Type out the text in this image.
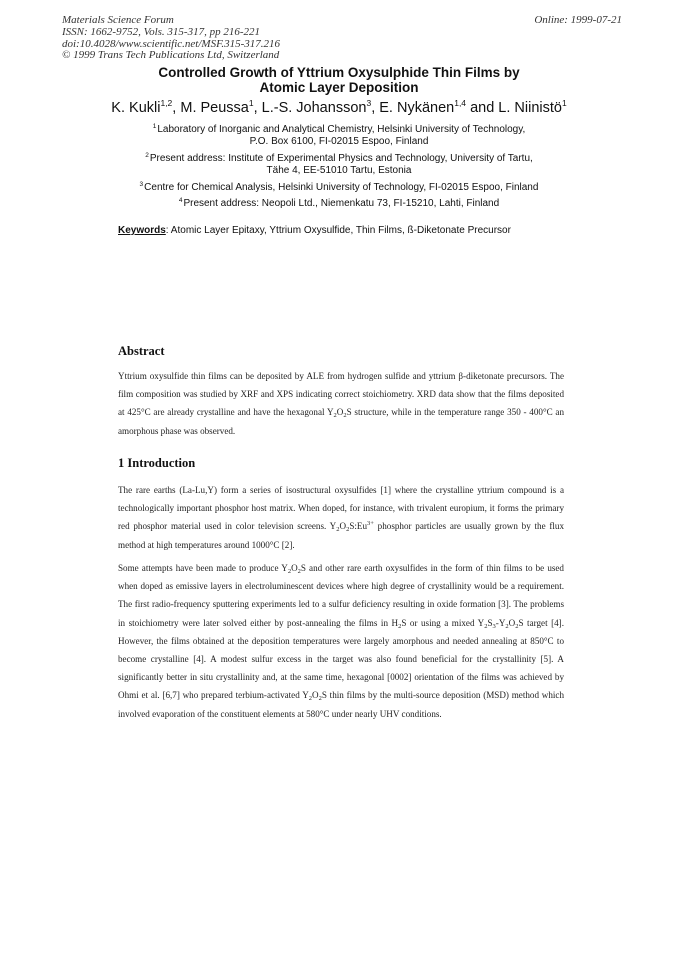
Materials Science Forum
ISSN: 1662-9752, Vols. 315-317, pp 216-221
doi:10.4028/www.scientific.net/MSF.315-317.216
© 1999 Trans Tech Publications Ltd, Switzerland
Online: 1999-07-21
Controlled Growth of Yttrium Oxysulphide Thin Films by
Atomic Layer Deposition
K. Kukli$^{1,2}$, M. Peussa$^1$, L.-S. Johansson$^3$, E. Nykänen$^{1,4}$ and L. Niinistö$^1$
$^1$Laboratory of Inorganic and Analytical Chemistry, Helsinki University of Technology,
P.O. Box 6100, FI-02015 Espoo, Finland
$^2$Present address: Institute of Experimental Physics and Technology, University of Tartu,
Tähe 4, EE-51010 Tartu, Estonia
$^3$Centre for Chemical Analysis, Helsinki University of Technology, FI-02015 Espoo, Finland
$^4$Present address: Neopoli Ltd., Niemenkatu 73, FI-15210, Lahti, Finland
Keywords: Atomic Layer Epitaxy, Yttrium Oxysulfide, Thin Films, ß-Diketonate Precursor
Abstract
Yttrium oxysulfide thin films can be deposited by ALE from hydrogen sulfide and yttrium β-diketonate precursors. The film composition was studied by XRF and XPS indicating correct stoichiometry. XRD data show that the films deposited at 425°C are already crystalline and have the hexagonal $Y_2O_2S$ structure, while in the temperature range 350 - 400°C an amorphous phase was observed.
1 Introduction
The rare earths (La-Lu,Y) form a series of isostructural oxysulfides [1] where the crystalline yttrium compound is a technologically important phosphor host matrix. When doped, for instance, with trivalent europium, it forms the primary red phosphor material used in color television screens. $Y_2O_2S:Eu^{3+}$ phosphor particles are usually grown by the flux method at high temperatures around 1000°C [2].
Some attempts have been made to produce $Y_2O_2S$ and other rare earth oxysulfides in the form of thin films to be used when doped as emissive layers in electroluminescent devices where high degree of crystallinity would be a requirement. The first radio-frequency sputtering experiments led to a sulfur deficiency resulting in oxide formation [3]. The problems in stoichiometry were later solved either by post-annealing the films in $H_2S$ or using a mixed $Y_2S_3-Y_2O_2S$ target [4]. However, the films obtained at the deposition temperatures were largely amorphous and needed annealing at 850°C to become crystalline [4]. A modest sulfur excess in the target was also found beneficial for the crystallinity [5]. A significantly better in situ crystallinity and, at the same time, hexagonal [0002] orientation of the films was achieved by Ohmi et al. [6,7] who prepared terbium-activated $Y_2O_2S$ thin films by the multi-source deposition (MSD) method which involved evaporation of the constituent elements at 580°C under nearly UHV conditions.
